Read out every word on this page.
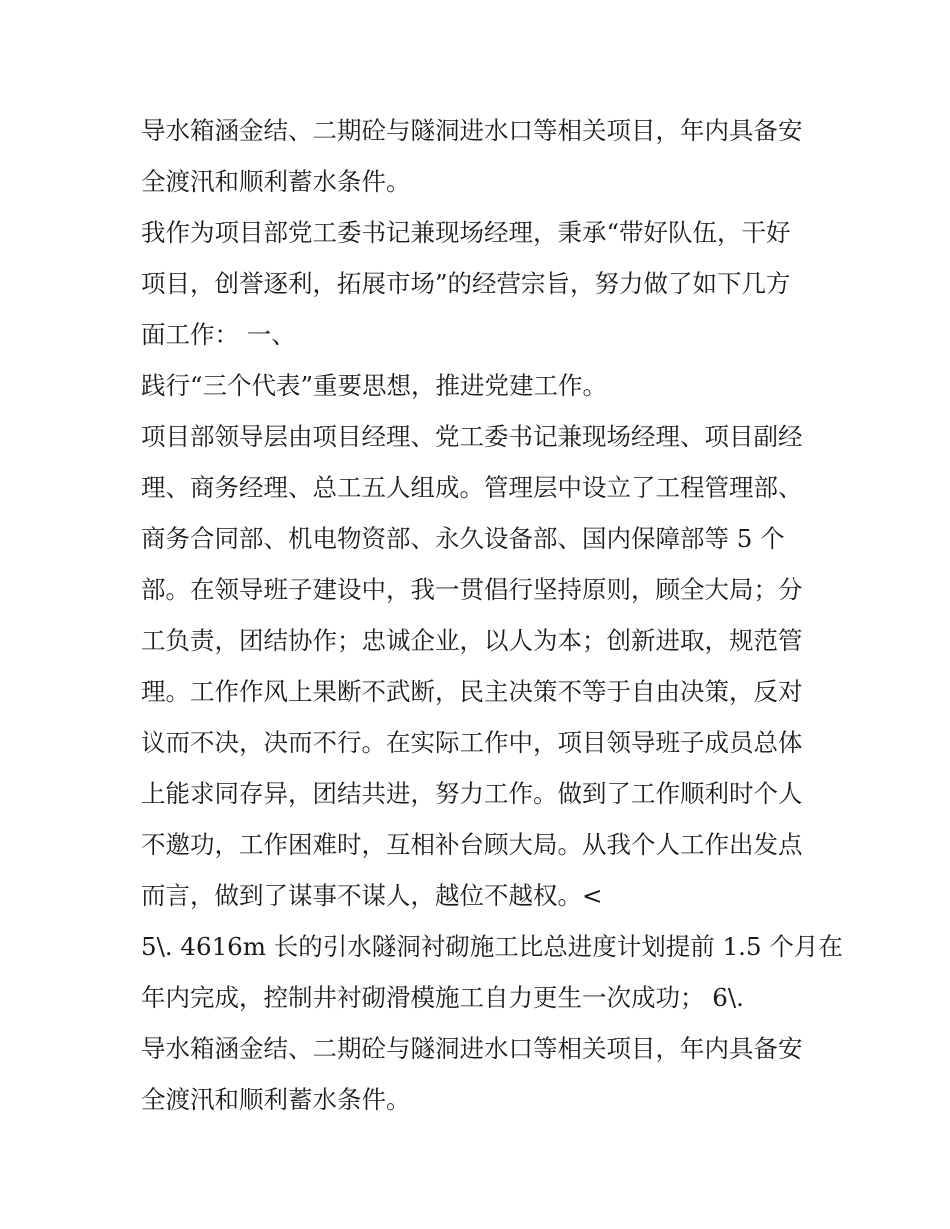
导水箱涵金结、二期砼与隧洞进水口等相关项目，年内具备安
全渡汛和顺利蓄水条件。
我作为项目部党工委书记兼现场经理，秉承“带好队伍，干好
项目，创誉逐利，拓展市场”的经营宗旨，努力做了如下几方
面工作： 一、
践行“三个代表”重要思想，推进党建工作。
项目部领导层由项目经理、党工委书记兼现场经理、项目副经
理、商务经理、总工五人组成。管理层中设立了工程管理部、
商务合同部、机电物资部、永久设备部、国内保障部等 5 个
部。在领导班子建设中，我一贯倡行坚持原则，顾全大局；分
工负责，团结协作；忠诚企业，以人为本；创新进取，规范管
理。工作作风上果断不武断，民主决策不等于自由决策，反对
议而不决，决而不行。在实际工作中，项目领导班子成员总体
上能求同存异，团结共进，努力工作。做到了工作顺利时个人
不邀功，工作困难时，互相补台顾大局。从我个人工作出发点
而言，做到了谋事不谋人，越位不越权。<
5\. 4616m 长的引水隧洞衬砌施工比总进度计划提前 1.5 个月在
年内完成，控制井衬砌滑模施工自力更生一次成功； 6\.
导水箱涵金结、二期砼与隧洞进水口等相关项目，年内具备安
全渡汛和顺利蓄水条件。
